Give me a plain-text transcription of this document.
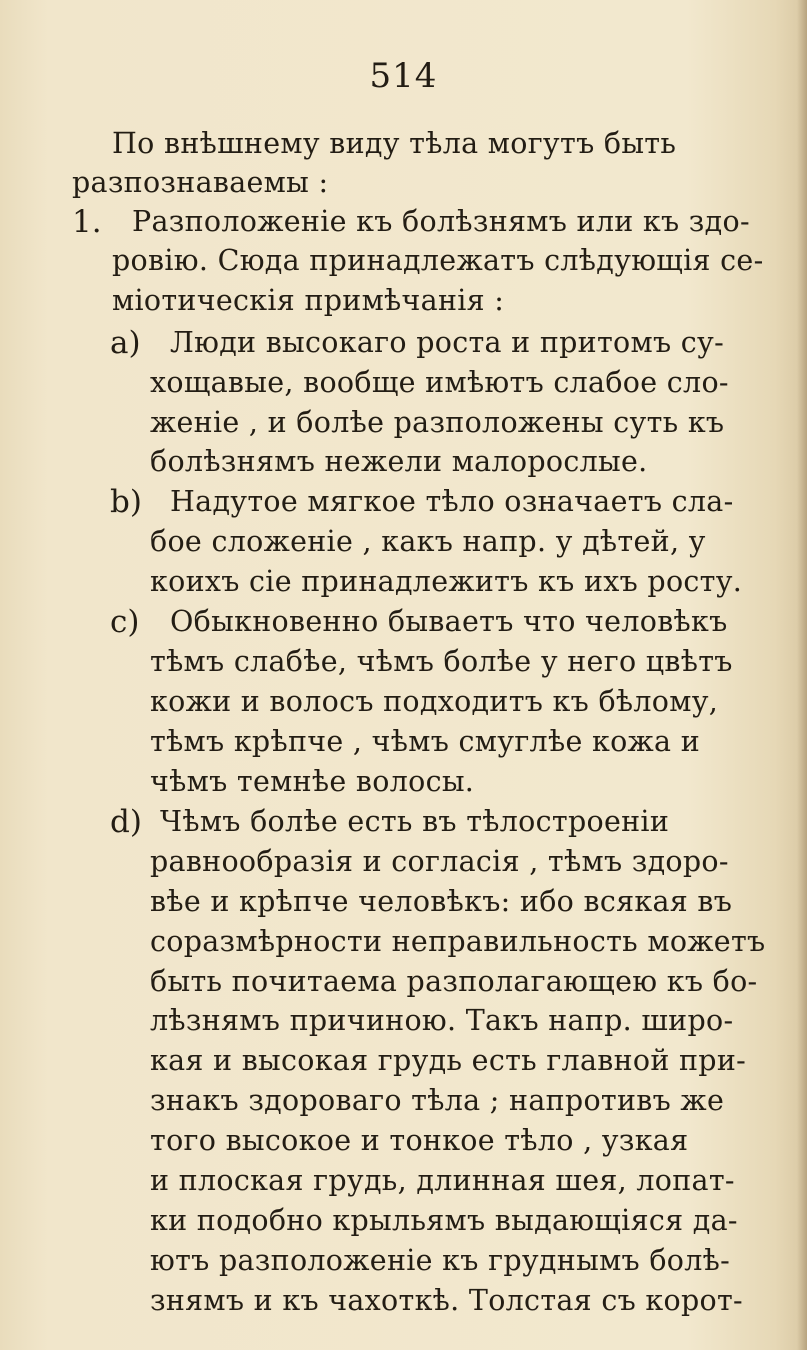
514
По внѣшнему виду тѣла могутъ быть
разпознаваемы :
1. Разположенiе къ болѣзнямъ или къ здо-
ровiю. Сюда принадлежатъ слѣдующiя се-
мiотическiя примѣчанiя :
a) Люди высокаго роста и притомъ су-
хощавые, вообще имѣютъ слабое сло-
женiе , и болѣе разположены суть къ
болѣзнямъ нежели малорослые.
b) Надутое мягкое тѣло означаетъ сла-
бое сложенiе , какъ напр. у дѣтей, у
коихъ сiе принадлежитъ къ ихъ росту.
c) Обыкновенно бываетъ что человѣкъ
тѣмъ слабѣе, чѣмъ болѣе у него цвѣтъ
кожи и волосъ подходитъ къ бѣлому,
тѣмъ крѣпче , чѣмъ смуглѣе кожа и
чѣмъ темнѣе волосы.
d) Чѣмъ болѣе есть въ тѣлостроенiи
равнообразiя и согласiя , тѣмъ здоро-
вѣе и крѣпче человѣкъ: ибо всякая въ
соразмѣрности неправильность можетъ
быть почитаема разполагающею къ бо-
лѣзнямъ причиною. Такъ напр. широ-
кая и высокая грудь есть главной при-
знакъ здороваго тѣла ; напротивъ же
того высокое и тонкое тѣло , узкая
и плоская грудь, длинная шея, лопат-
ки подобно крыльямъ выдающiяся да-
ютъ разположенiе къ груднымъ болѣ-
знямъ и къ чахоткѣ. Толстая съ корот-
